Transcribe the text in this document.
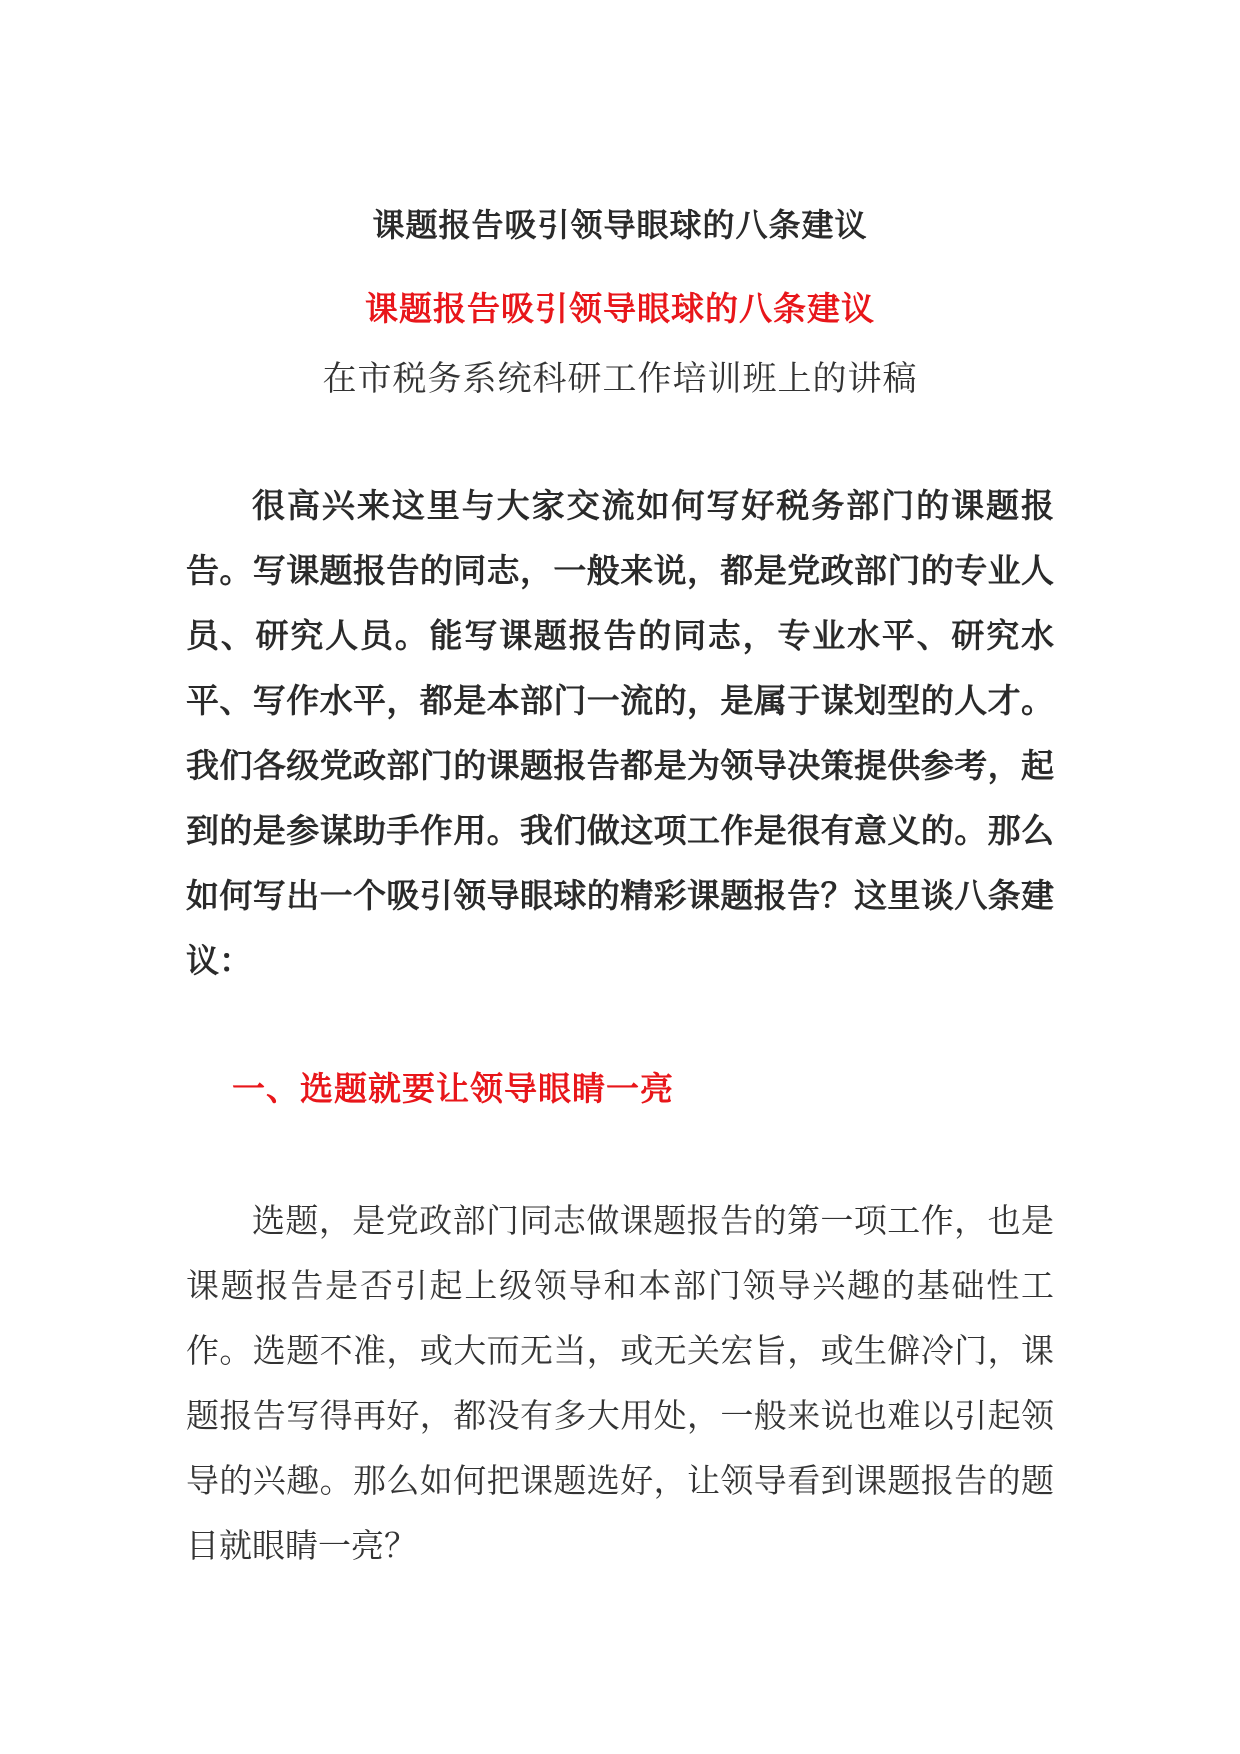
课题报告吸引领导眼球的八条建议
课题报告吸引领导眼球的八条建议
在市税务系统科研工作培训班上的讲稿

很高兴来这里与大家交流如何写好税务部门的课题报告。写课题报告的同志，一般来说，都是党政部门的专业人员、研究人员。能写课题报告的同志，专业水平、研究水平、写作水平，都是本部门一流的，是属于谋划型的人才。我们各级党政部门的课题报告都是为领导决策提供参考，起到的是参谋助手作用。我们做这项工作是很有意义的。那么如何写出一个吸引领导眼球的精彩课题报告？这里谈八条建议：

一、选题就要让领导眼睛一亮

选题，是党政部门同志做课题报告的第一项工作，也是课题报告是否引起上级领导和本部门领导兴趣的基础性工作。选题不准，或大而无当，或无关宏旨，或生僻冷门，课题报告写得再好，都没有多大用处，一般来说也难以引起领导的兴趣。那么如何把课题选好，让领导看到课题报告的题目就眼睛一亮？
